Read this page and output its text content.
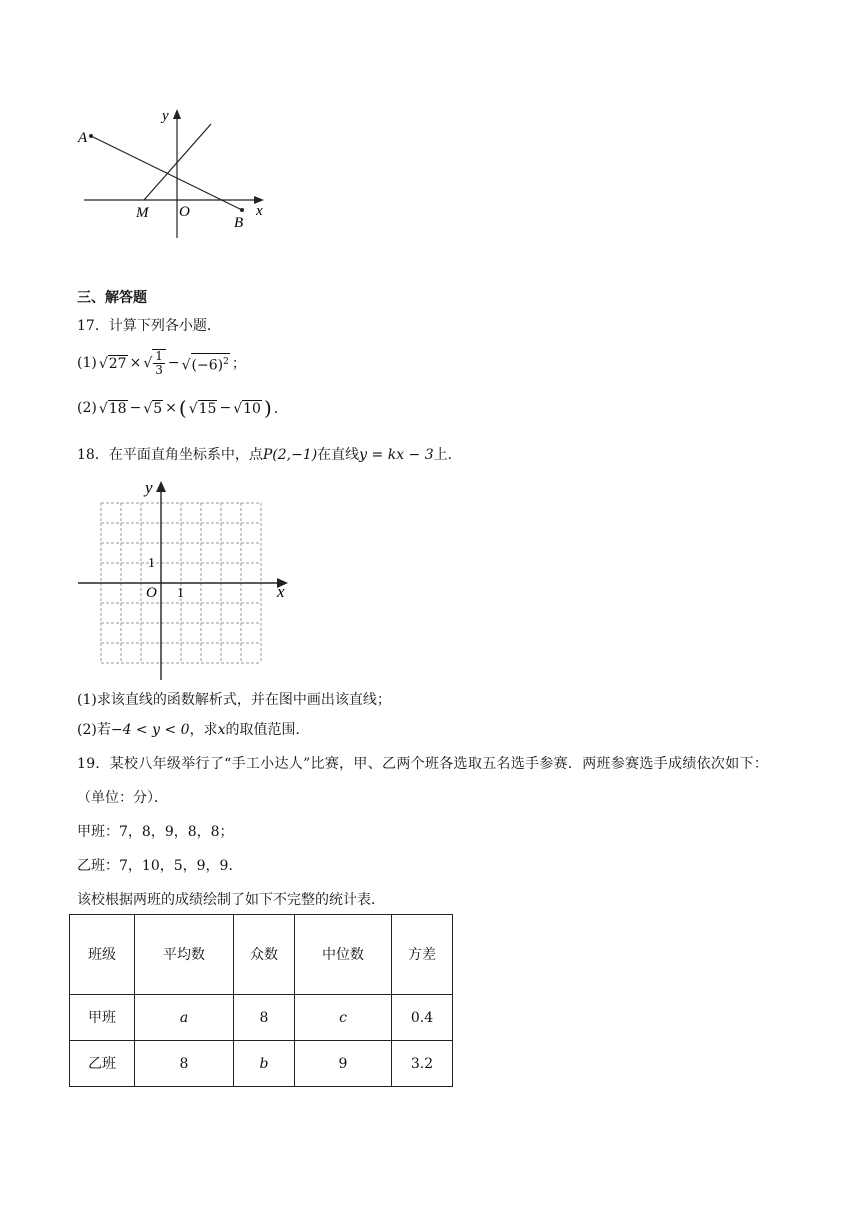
y
x
A
M O
B
三、解答题
17．计算下列各小题．
(1) √27 × √ $\frac{1}{3} - √(-6)^2$ ；
(2) √18 − √5 × ( √15 − √10 ) ．
18．在平面直角坐标系中，点P(2,−1)在直线y = kx − 3上．
y
x
O 1
1
(1)求该直线的函数解析式，并在图中画出该直线；
(2)若−4 < y < 0，求x的取值范围．
19．某校八年级举行了“手工小达人”比赛，甲、乙两个班各选取五名选手参赛．两班参赛选手成绩依次如下：
（单位：分）．
甲班：7，8，9，8，8；
乙班：7，10，5，9，9．
该校根据两班的成绩绘制了如下不完整的统计表．
班级	平均数	众数	中位数	方差
甲班	a	8	c	0.4
乙班	8	b	9	3.2
